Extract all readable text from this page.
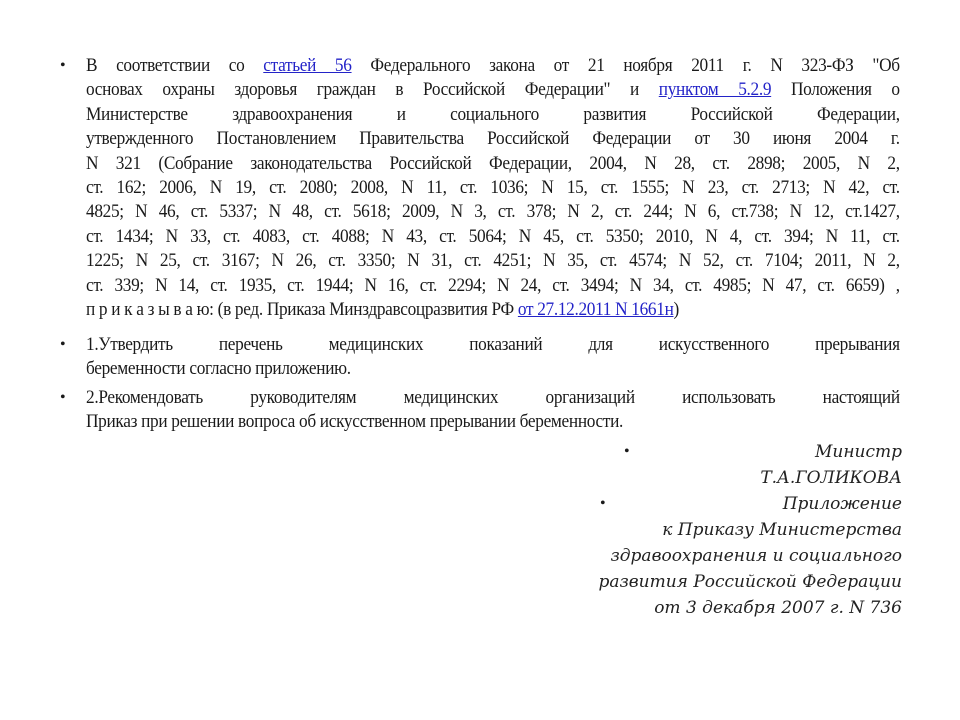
• В соответствии со статьей 56 Федерального закона от 21 ноября 2011 г. N 323-ФЗ "Об
основах охраны здоровья граждан в Российской Федерации" и пунктом 5.2.9 Положения о
Министерстве здравоохранения и социального развития Российской Федерации,
утвержденного Постановлением Правительства Российской Федерации от 30 июня 2004 г.
N 321 (Собрание законодательства Российской Федерации, 2004, N 28, ст. 2898; 2005, N 2,
ст. 162; 2006, N 19, ст. 2080; 2008, N 11, ст. 1036; N 15, ст. 1555; N 23, ст. 2713; N 42, ст.
4825; N 46, ст. 5337; N 48, ст. 5618; 2009, N 3, ст. 378; N 2, ст. 244; N 6, ст.738; N 12, ст.1427,
ст. 1434; N 33, ст. 4083, ст. 4088; N 43, ст. 5064; N 45, ст. 5350; 2010, N 4, ст. 394; N 11, ст.
1225; N 25, ст. 3167; N 26, ст. 3350; N 31, ст. 4251; N 35, ст. 4574; N 52, ст. 7104; 2011, N 2,
ст. 339; N 14, ст. 1935, ст. 1944; N 16, ст. 2294; N 24, ст. 3494; N 34, ст. 4985; N 47, ст. 6659) ,
п р и к а з ы в а ю: (в ред. Приказа Минздравсоцразвития РФ от 27.12.2011 N 1661н)
• 1.Утвердить перечень медицинских показаний для искусственного прерывания
беременности согласно приложению.
• 2.Рекомендовать руководителям медицинских организаций использовать настоящий
Приказ при решении вопроса об искусственном прерывании беременности.
•	Министр
Т.А.ГОЛИКОВА
•	Приложение
к Приказу Министерства
здравоохранения и социального
развития Российской Федерации
от 3 декабря 2007 г. N 736
